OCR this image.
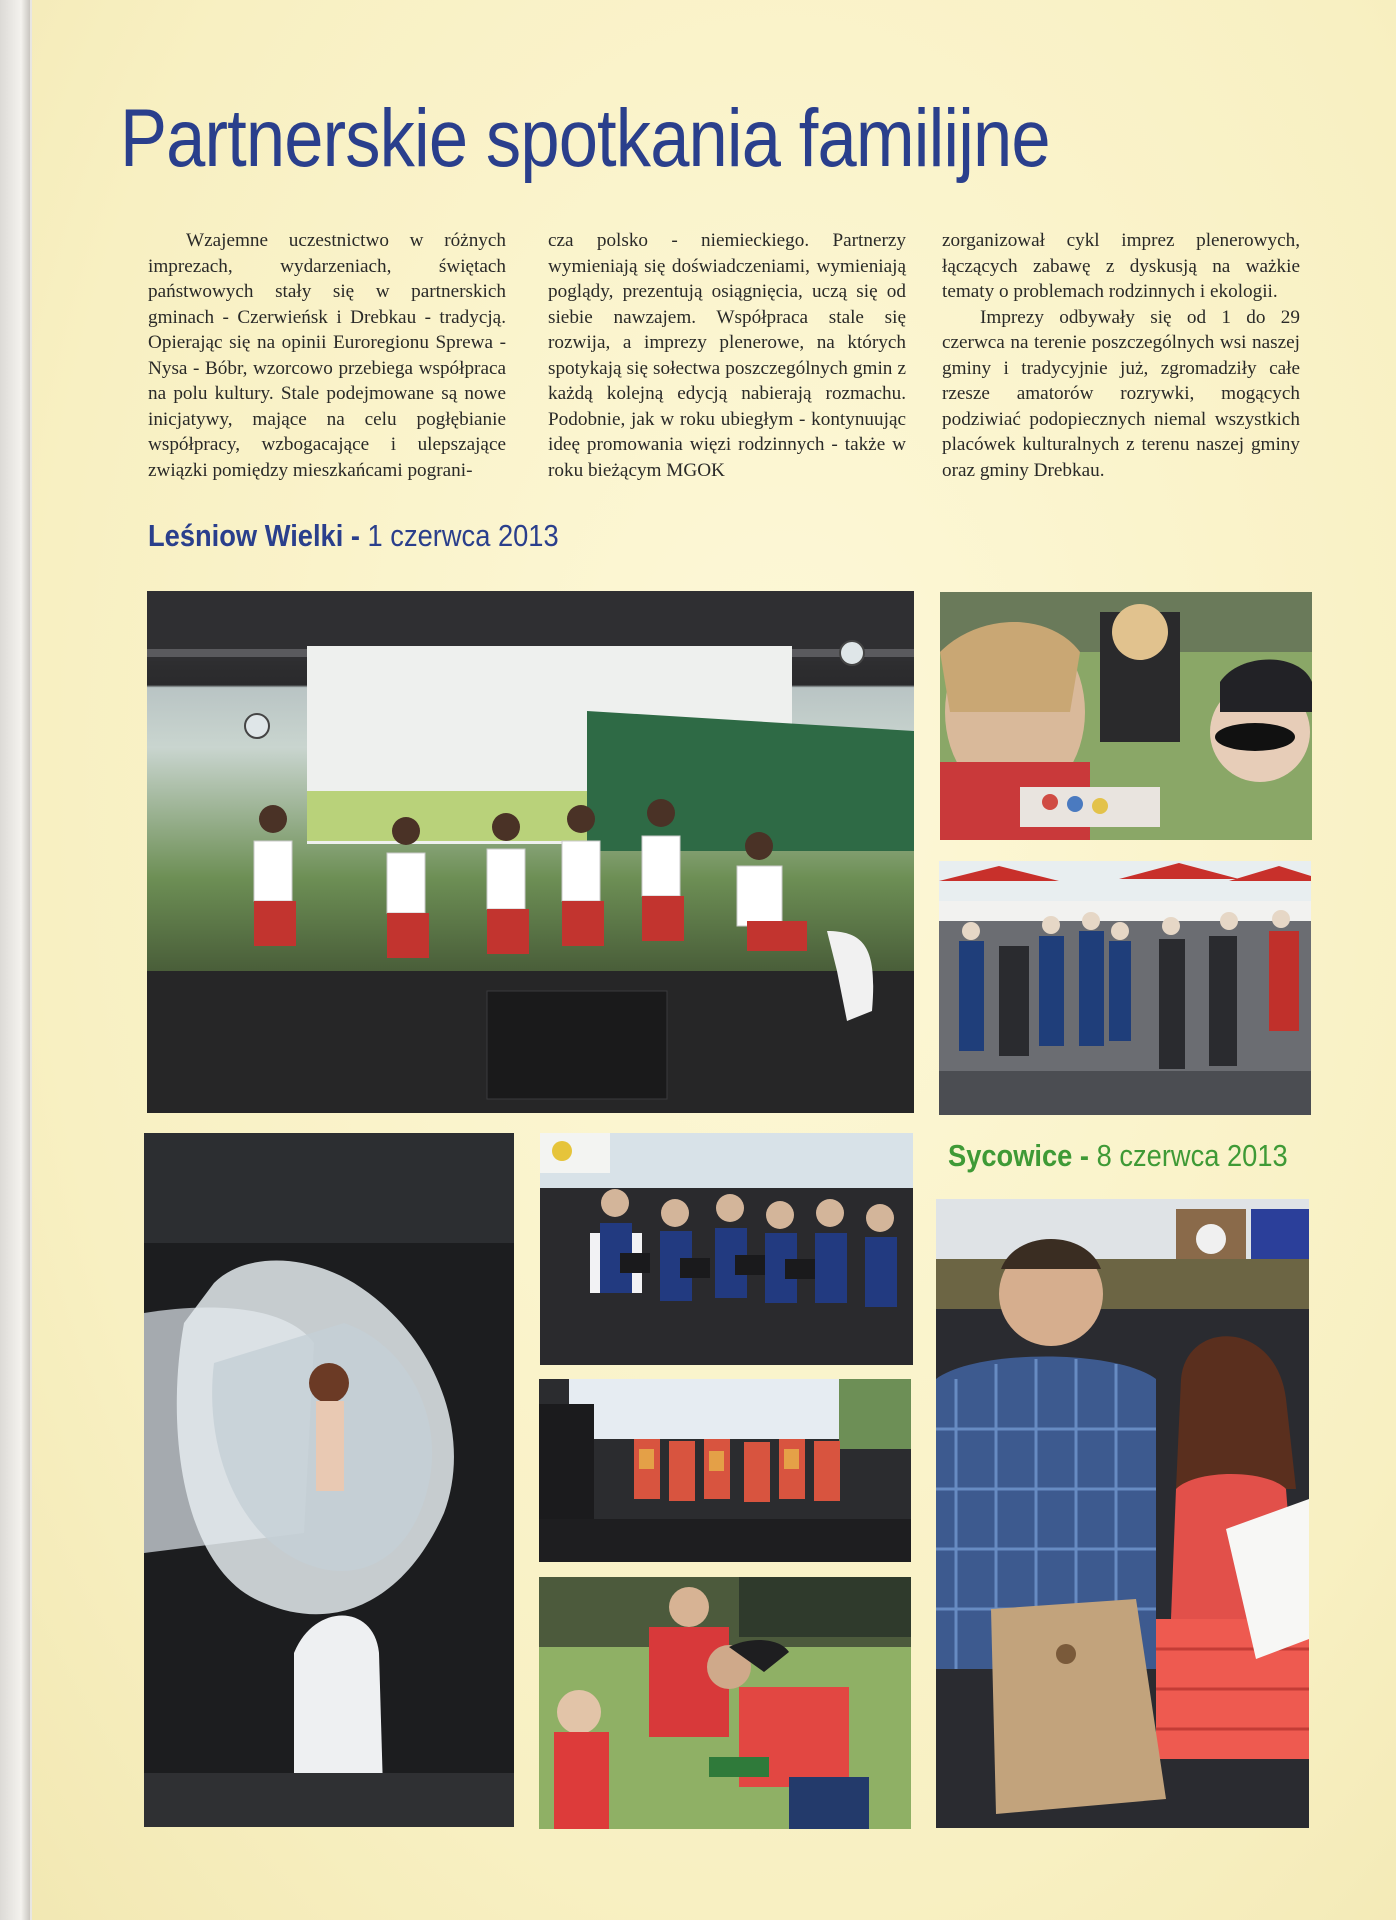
Partnerskie spotkania familijne

Wzajemne uczestnictwo w różnych imprezach, wydarzeniach, świętach państwowych stały się w partnerskich gminach - Czerwieńsk i Drebkau - tradycją. Opierając się na opinii Euroregionu Sprewa - Nysa - Bóbr, wzorcowo przebiega współpraca na polu kultury. Stale podejmowane są nowe inicjatywy, mające na celu pogłębianie współpracy, wzbogacające i ulepszające związki pomiędzy mieszkańcami pograni-

cza polsko - niemieckiego. Partnerzy wymieniają się doświadczeniami, wymieniają poglądy, prezentują osiągnięcia, uczą się od siebie nawzajem. Współpraca stale się rozwija, a imprezy plenerowe, na których spotykają się sołectwa poszczególnych gmin z każdą kolejną edycją nabierają rozmachu. Podobnie, jak w roku ubiegłym - kontynuując ideę promowania więzi rodzinnych - także w roku bieżącym MGOK

zorganizował cykl imprez plenerowych, łączących zabawę z dyskusją na ważkie tematy o problemach rodzinnych i ekologii.

Imprezy odbywały się od 1 do 29 czerwca na terenie poszczególnych wsi naszej gminy i tradycyjnie już, zgromadziły całe rzesze amatorów rozrywki, mogących podziwiać podopiecznych niemal wszystkich placówek kulturalnych z terenu naszej gminy oraz gminy Drebkau.

Leśniow Wielki - 1 czerwca 2013
Sycowice - 8 czerwca 2013
